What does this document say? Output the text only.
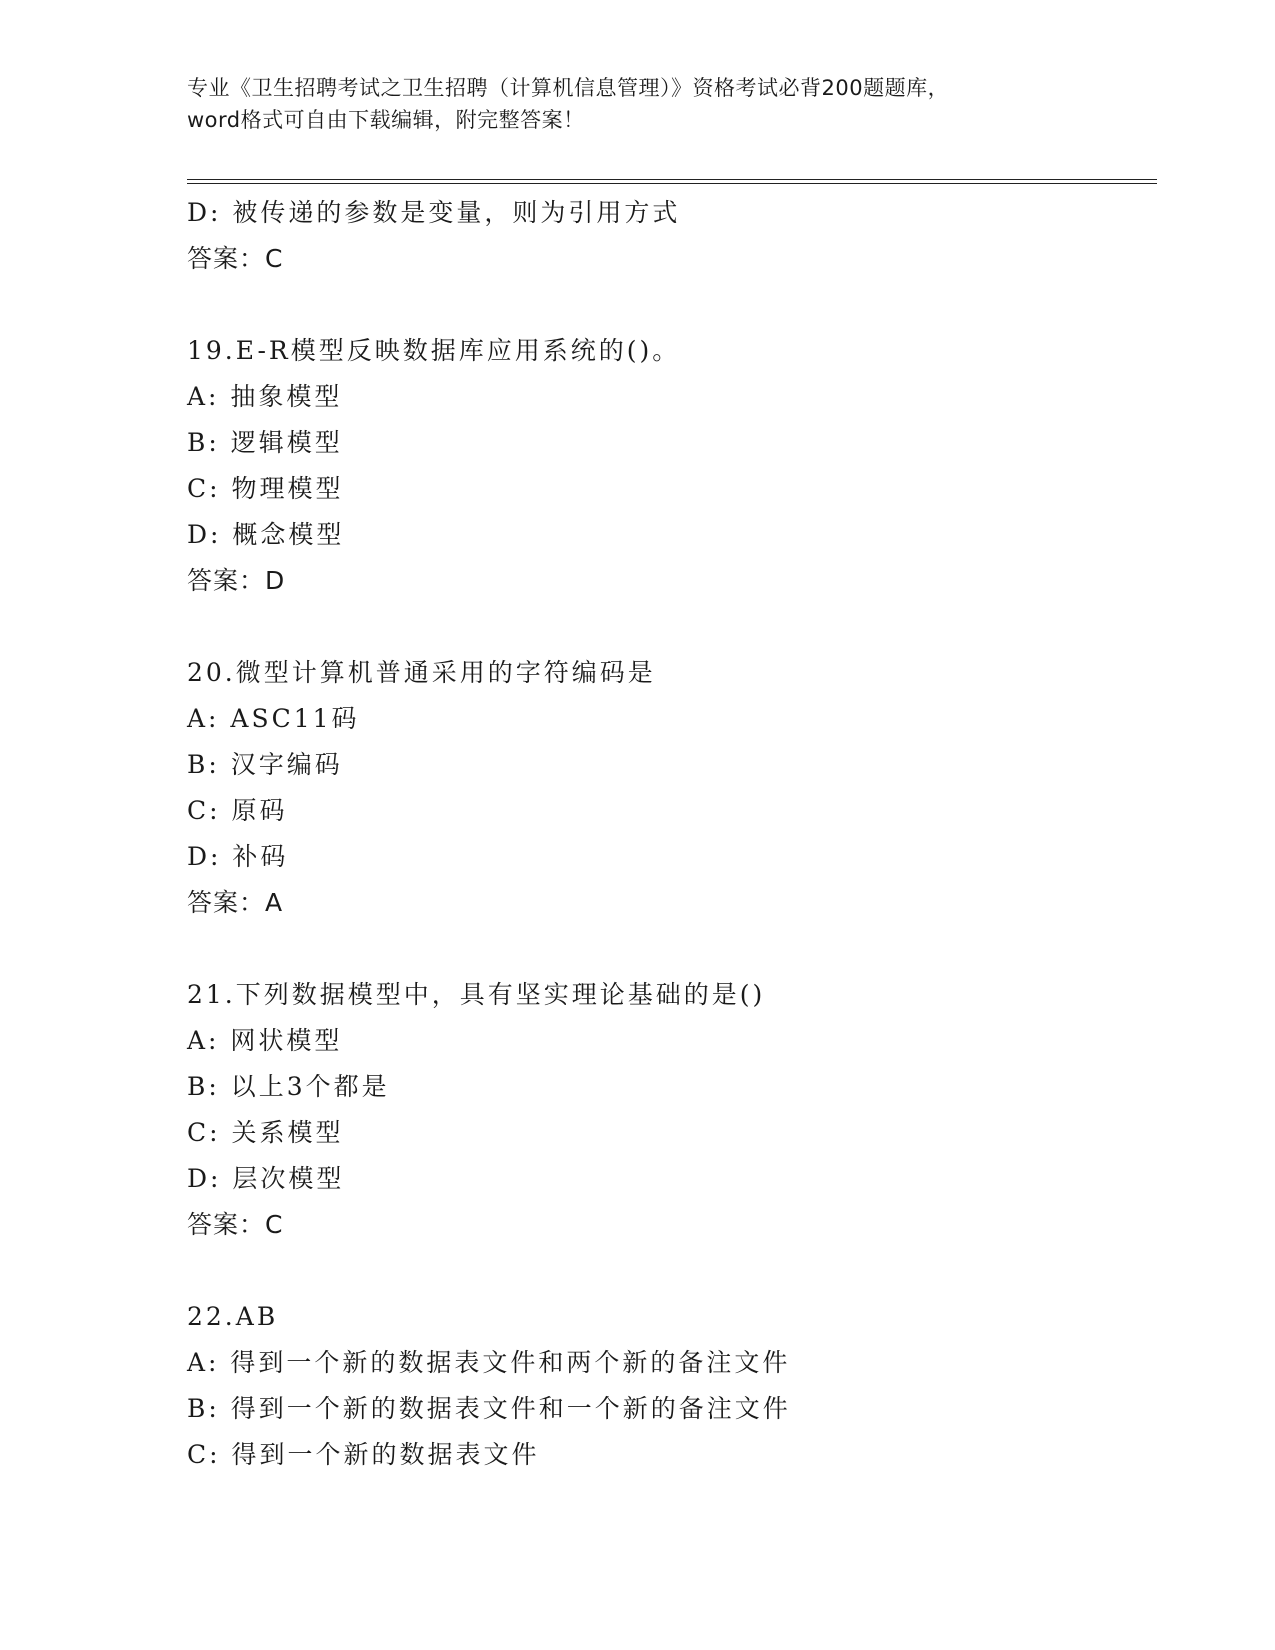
专业《卫生招聘考试之卫生招聘（计算机信息管理）》资格考试必背200题题库，
word格式可自由下载编辑，附完整答案！
D: 被传递的参数是变量，则为引用方式
答案：C
19.E-R模型反映数据库应用系统的()。
A: 抽象模型
B: 逻辑模型
C: 物理模型
D: 概念模型
答案：D
20.微型计算机普通采用的字符编码是
A: ASC11码
B: 汉字编码
C: 原码
D: 补码
答案：A
21.下列数据模型中，具有坚实理论基础的是()
A: 网状模型
B: 以上3个都是
C: 关系模型
D: 层次模型
答案：C
22.AB
A: 得到一个新的数据表文件和两个新的备注文件
B: 得到一个新的数据表文件和一个新的备注文件
C: 得到一个新的数据表文件
